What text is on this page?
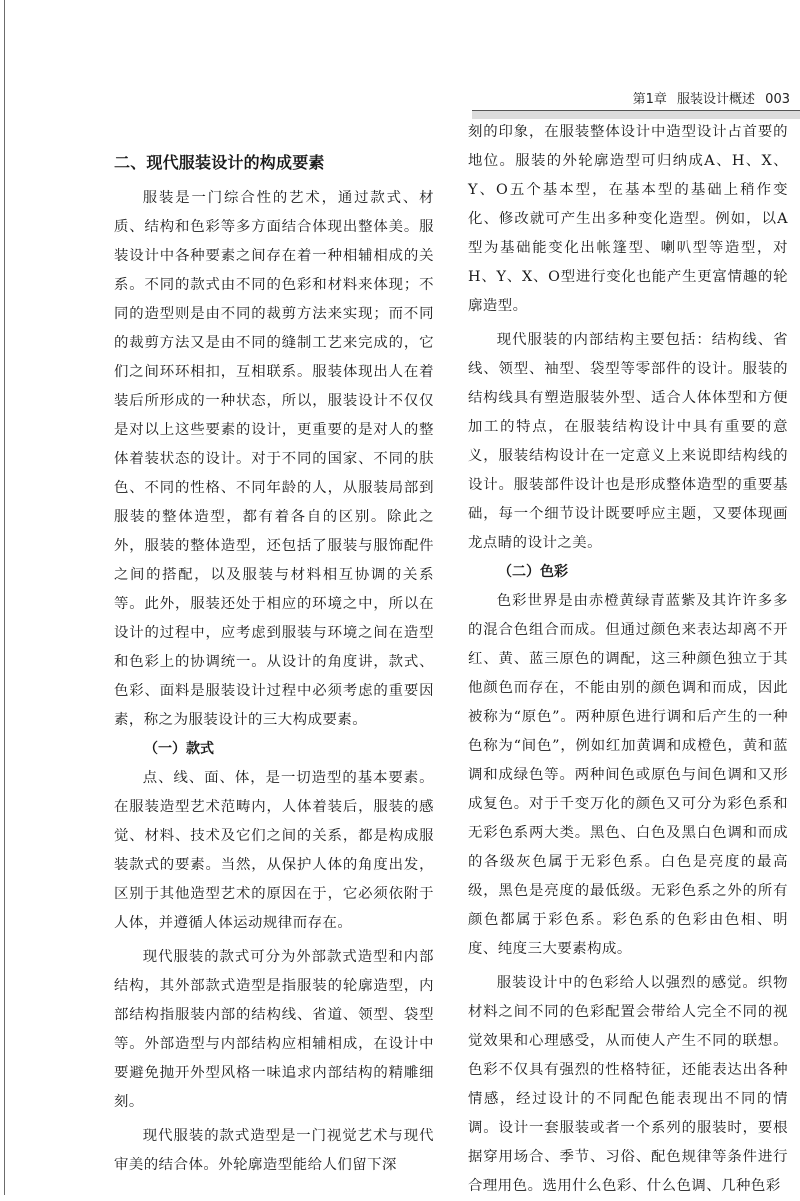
第1章 服装设计概述 003
二、现代服装设计的构成要素

服装是一门综合性的艺术，通过款式、材质、结构和色彩等多方面结合体现出整体美。服装设计中各种要素之间存在着一种相辅相成的关系。不同的款式由不同的色彩和材料来体现；不同的造型则是由不同的裁剪方法来实现；而不同的裁剪方法又是由不同的缝制工艺来完成的，它们之间环环相扣，互相联系。服装体现出人在着装后所形成的一种状态，所以，服装设计不仅仅是对以上这些要素的设计，更重要的是对人的整体着装状态的设计。对于不同的国家、不同的肤色、不同的性格、不同年龄的人，从服装局部到服装的整体造型，都有着各自的区别。除此之外，服装的整体造型，还包括了服装与服饰配件之间的搭配，以及服装与材料相互协调的关系等。此外，服装还处于相应的环境之中，所以在设计的过程中，应考虑到服装与环境之间在造型和色彩上的协调统一。从设计的角度讲，款式、色彩、面料是服装设计过程中必须考虑的重要因素，称之为服装设计的三大构成要素。

（一）款式

点、线、面、体，是一切造型的基本要素。在服装造型艺术范畴内，人体着装后，服装的感觉、材料、技术及它们之间的关系，都是构成服装款式的要素。当然，从保护人体的角度出发，区别于其他造型艺术的原因在于，它必须依附于人体，并遵循人体运动规律而存在。

现代服装的款式可分为外部款式造型和内部结构，其外部款式造型是指服装的轮廓造型，内部结构指服装内部的结构线、省道、领型、袋型等。外部造型与内部结构应相辅相成，在设计中要避免抛开外型风格一味追求内部结构的精雕细刻。

现代服装的款式造型是一门视觉艺术与现代审美的结合体。外轮廓造型能给人们留下深

刻的印象，在服装整体设计中造型设计占首要的地位。服装的外轮廓造型可归纳成A、H、X、Y、O五个基本型，在基本型的基础上稍作变化、修改就可产生出多种变化造型。例如，以A型为基础能变化出帐篷型、喇叭型等造型，对H、Y、X、O型进行变化也能产生更富情趣的轮廓造型。

现代服装的内部结构主要包括：结构线、省线、领型、袖型、袋型等零部件的设计。服装的结构线具有塑造服装外型、适合人体体型和方便加工的特点，在服装结构设计中具有重要的意义，服装结构设计在一定意义上来说即结构线的设计。服装部件设计也是形成整体造型的重要基础，每一个细节设计既要呼应主题，又要体现画龙点睛的设计之美。

（二）色彩

色彩世界是由赤橙黄绿青蓝紫及其许许多多的混合色组合而成。但通过颜色来表达却离不开红、黄、蓝三原色的调配，这三种颜色独立于其他颜色而存在，不能由别的颜色调和而成，因此被称为“原色”。两种原色进行调和后产生的一种色称为“间色”，例如红加黄调和成橙色，黄和蓝调和成绿色等。两种间色或原色与间色调和又形成复色。对于千变万化的颜色又可分为彩色系和无彩色系两大类。黑色、白色及黑白色调和而成的各级灰色属于无彩色系。白色是亮度的最高级，黑色是亮度的最低级。无彩色系之外的所有颜色都属于彩色系。彩色系的色彩由色相、明度、纯度三大要素构成。

服装设计中的色彩给人以强烈的感觉。织物材料之间不同的色彩配置会带给人完全不同的视觉效果和心理感受，从而使人产生不同的联想。色彩不仅具有强烈的性格特征，还能表达出各种情感，经过设计的不同配色能表现出不同的情调。设计一套服装或者一个系列的服装时，要根据穿用场合、季节、习俗、配色规律等条件进行合理用色。选用什么色彩、什么色调、几种色彩
